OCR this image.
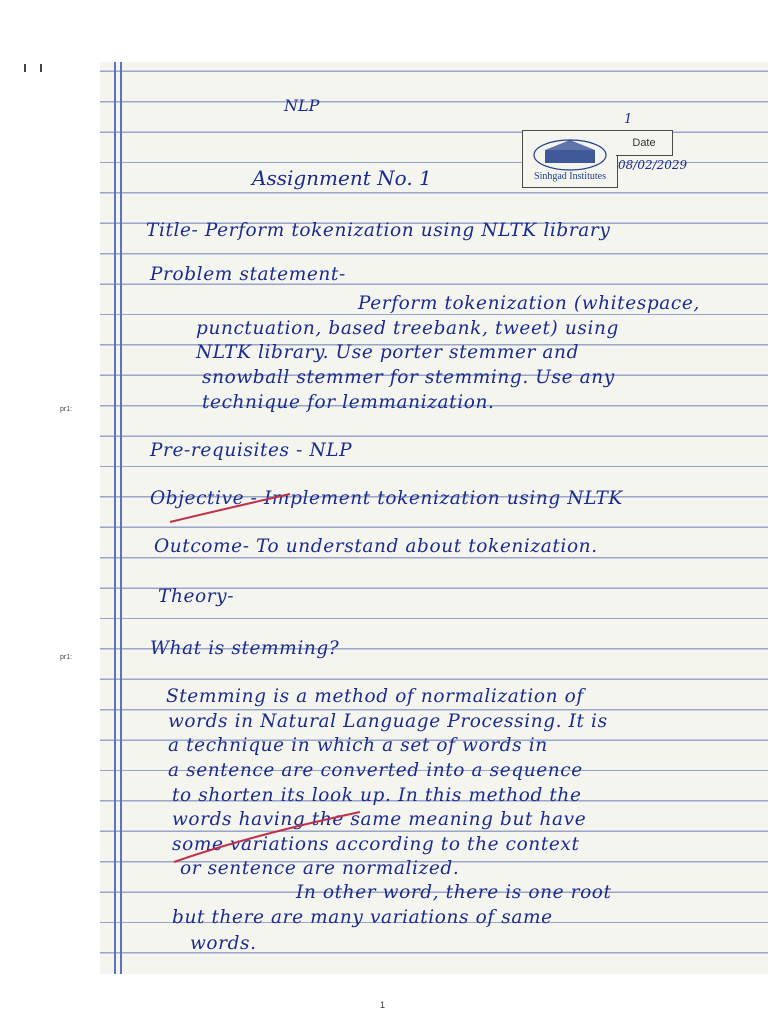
NLP
1
Sinhgad Institutes
Date
08/02/2029
Assignment No. 1
Title- Perform tokenization using NLTK library
Problem statement-
Perform tokenization (whitespace,
punctuation, based treebank, tweet) using
NLTK library. Use porter stemmer and
snowball stemmer for stemming. Use any
technique for lemmanization.
pr1:
Pre-requisites - NLP
Objective - Implement tokenization using NLTK
Outcome- To understand about tokenization.
Theory-
pr1:	What is stemming?
Stemming is a method of normalization of
words in Natural Language Processing. It is
a technique in which a set of words in
a sentence are converted into a sequence
to shorten its look up. In this method the
words having the same meaning but have
some variations according to the context
or sentence are normalized.
In other word, there is one root
but there are many variations of same
words.
1
